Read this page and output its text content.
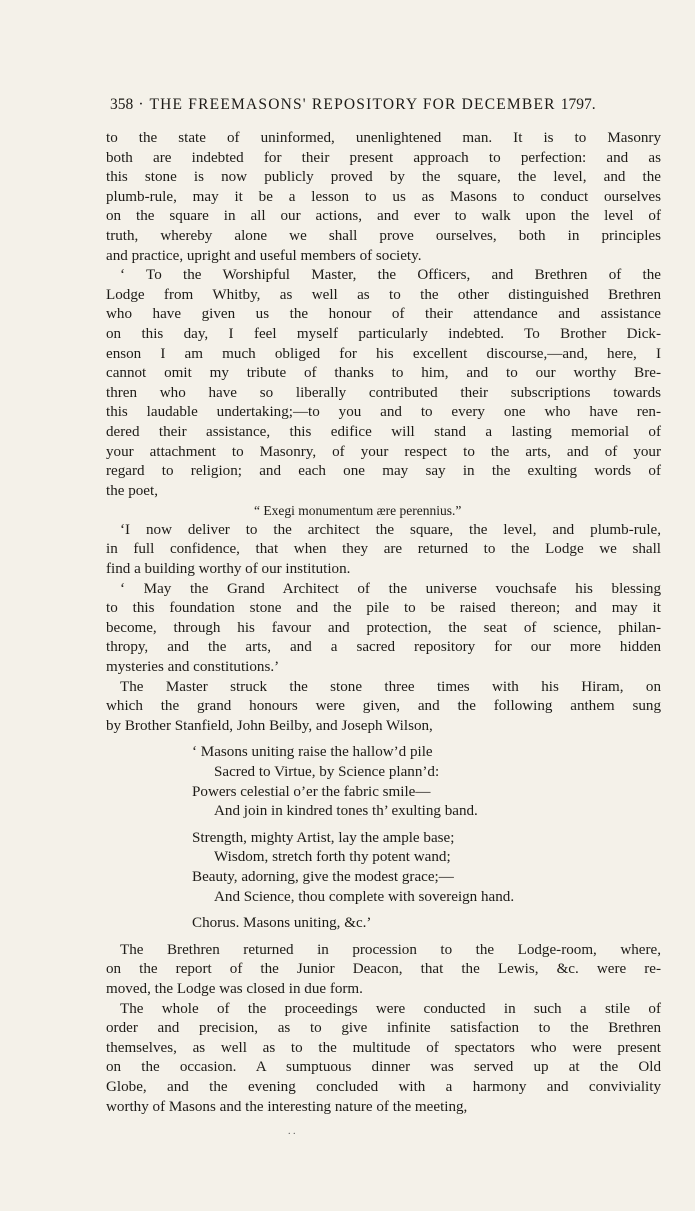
358 · THE FREEMASONS' REPOSITORY FOR DECEMBER 1797.
to the state of uninformed, unenlightened man. It is to Masonry
both are indebted for their present approach to perfection: and as
this stone is now publicly proved by the square, the level, and the
plumb-rule, may it be a lesson to us as Masons to conduct ourselves
on the square in all our actions, and ever to walk upon the level of
truth, whereby alone we shall prove ourselves, both in principles
and practice, upright and useful members of society.
‘ To the Worshipful Master, the Officers, and Brethren of the
Lodge from Whitby, as well as to the other distinguished Brethren
who have given us the honour of their attendance and assistance
on this day, I feel myself particularly indebted. To Brother Dick-
enson I am much obliged for his excellent discourse,—and, here, I
cannot omit my tribute of thanks to him, and to our worthy Bre-
thren who have so liberally contributed their subscriptions towards
this laudable undertaking;—to you and to every one who have ren-
dered their assistance, this edifice will stand a lasting memorial of
your attachment to Masonry, of your respect to the arts, and of your
regard to religion; and each one may say in the exulting words of
the poet,
“ Exegi monumentum ære perennius.”
‘I now deliver to the architect the square, the level, and plumb-rule,
in full confidence, that when they are returned to the Lodge we shall
find a building worthy of our institution.
‘ May the Grand Architect of the universe vouchsafe his blessing
to this foundation stone and the pile to be raised thereon; and may it
become, through his favour and protection, the seat of science, philan-
thropy, and the arts, and a sacred repository for our more hidden
mysteries and constitutions.’
The Master struck the stone three times with his Hiram, on
which the grand honours were given, and the following anthem sung
by Brother Stanfield, John Beilby, and Joseph Wilson,
‘ Masons uniting raise the hallow’d pile
Sacred to Virtue, by Science plann’d:
Powers celestial o’er the fabric smile—
And join in kindred tones th’ exulting band.
Strength, mighty Artist, lay the ample base;
Wisdom, stretch forth thy potent wand;
Beauty, adorning, give the modest grace;—
And Science, thou complete with sovereign hand.
Chorus. Masons uniting, &c.’
The Brethren returned in procession to the Lodge-room, where,
on the report of the Junior Deacon, that the Lewis, &c. were re-
moved, the Lodge was closed in due form.
The whole of the proceedings were conducted in such a stile of
order and precision, as to give infinite satisfaction to the Brethren
themselves, as well as to the multitude of spectators who were present
on the occasion. A sumptuous dinner was served up at the Old
Globe, and the evening concluded with a harmony and conviviality
worthy of Masons and the interesting nature of the meeting,
. .
